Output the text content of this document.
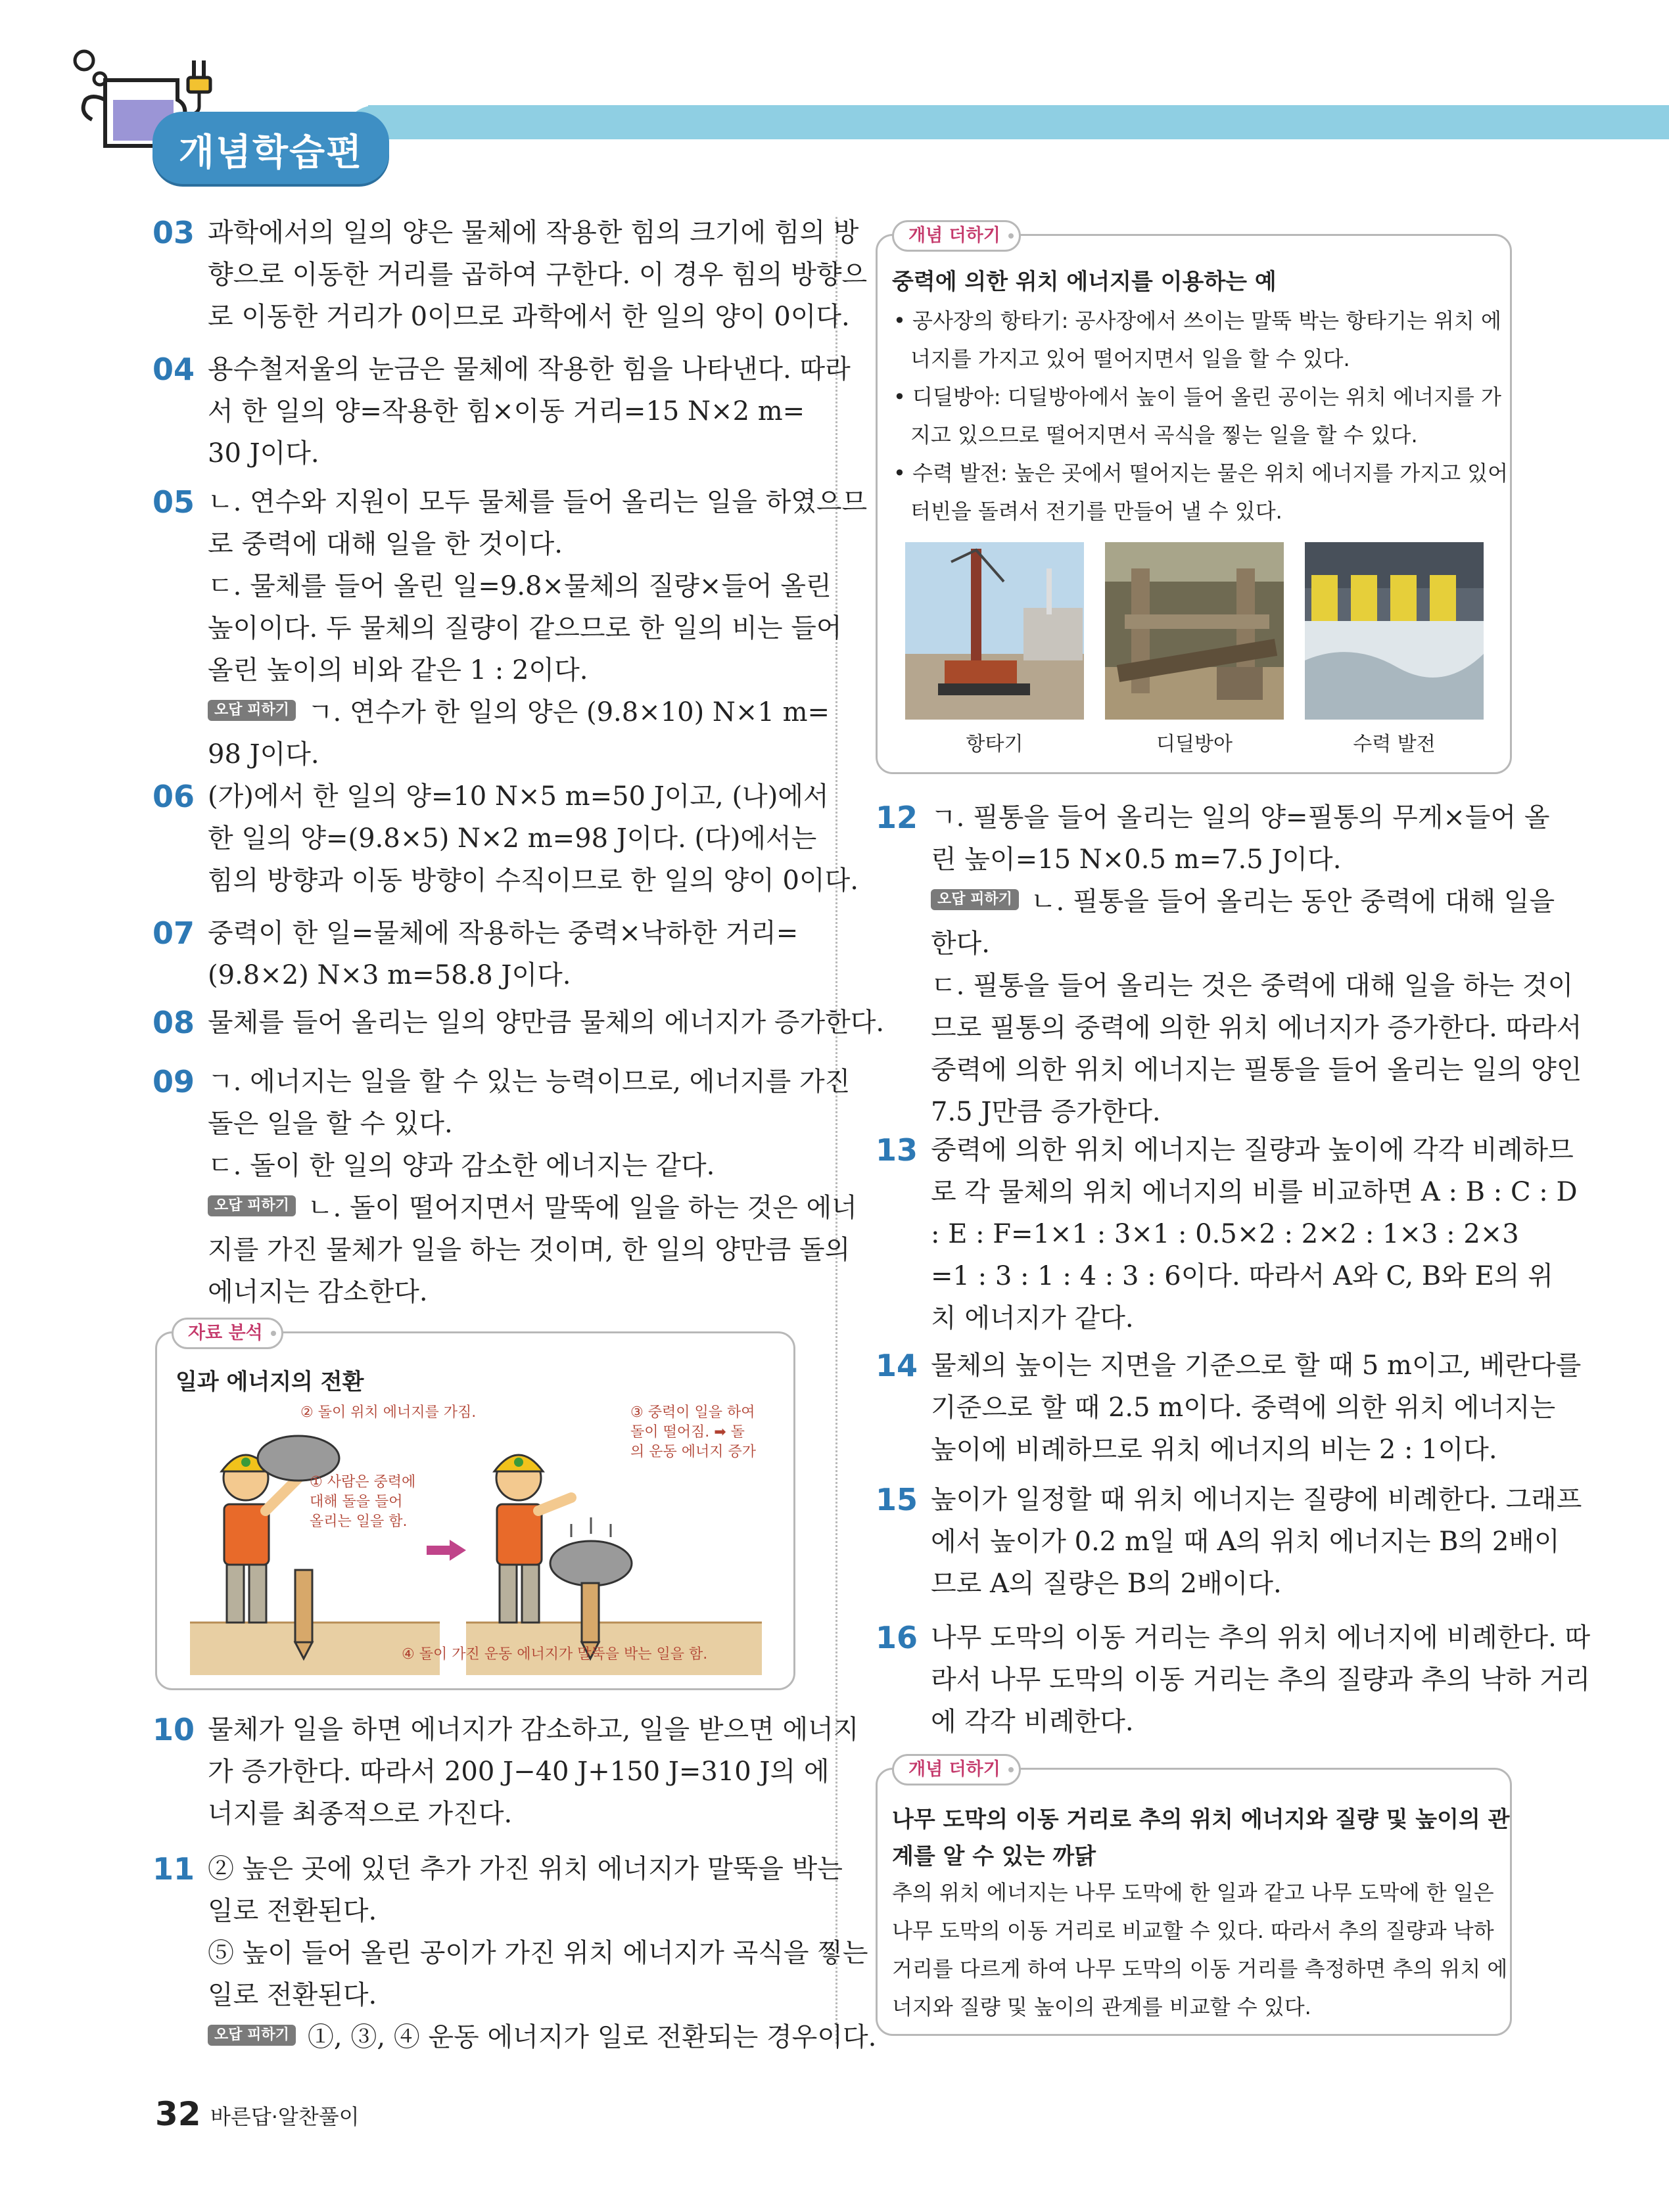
개념학습편
03 과학에서의 일의 양은 물체에 작용한 힘의 크기에 힘의 방
향으로 이동한 거리를 곱하여 구한다. 이 경우 힘의 방향으
로 이동한 거리가 0이므로 과학에서 한 일의 양이 0이다.
04 용수철저울의 눈금은 물체에 작용한 힘을 나타낸다. 따라
서 한 일의 양=작용한 힘×이동 거리=15 N×2 m=
30 J이다.
05 ㄴ. 연수와 지원이 모두 물체를 들어 올리는 일을 하였으므
로 중력에 대해 일을 한 것이다.
ㄷ. 물체를 들어 올린 일=9.8×물체의 질량×들어 올린
높이이다. 두 물체의 질량이 같으므로 한 일의 비는 들어
올린 높이의 비와 같은 1 : 2이다.
오답 피하기 ㄱ. 연수가 한 일의 양은 (9.8×10) N×1 m=
98 J이다.
06 (가)에서 한 일의 양=10 N×5 m=50 J이고, (나)에서
한 일의 양=(9.8×5) N×2 m=98 J이다. (다)에서는
힘의 방향과 이동 방향이 수직이므로 한 일의 양이 0이다.
07 중력이 한 일=물체에 작용하는 중력×낙하한 거리=
(9.8×2) N×3 m=58.8 J이다.
08 물체를 들어 올리는 일의 양만큼 물체의 에너지가 증가한다.
09 ㄱ. 에너지는 일을 할 수 있는 능력이므로, 에너지를 가진
돌은 일을 할 수 있다.
ㄷ. 돌이 한 일의 양과 감소한 에너지는 같다.
오답 피하기 ㄴ. 돌이 떨어지면서 말뚝에 일을 하는 것은 에너
지를 가진 물체가 일을 하는 것이며, 한 일의 양만큼 돌의
에너지는 감소한다.
자료 분석
일과 에너지의 전환
② 돌이 위치 에너지를 가짐.
① 사람은 중력에
대해 돌을 들어
올리는 일을 함.
③ 중력이 일을 하여
돌이 떨어짐. ➡ 돌
의 운동 에너지 증가
④ 돌이 가진 운동 에너지가 말뚝을 박는 일을 함.
10 물체가 일을 하면 에너지가 감소하고, 일을 받으면 에너지
가 증가한다. 따라서 200 J−40 J+150 J=310 J의 에
너지를 최종적으로 가진다.
11 ② 높은 곳에 있던 추가 가진 위치 에너지가 말뚝을 박는
일로 전환된다.
⑤ 높이 들어 올린 공이가 가진 위치 에너지가 곡식을 찧는
일로 전환된다.
오답 피하기 ①, ③, ④ 운동 에너지가 일로 전환되는 경우이다.
개념 더하기
중력에 의한 위치 에너지를 이용하는 예
• 공사장의 항타기: 공사장에서 쓰이는 말뚝 박는 항타기는 위치 에
너지를 가지고 있어 떨어지면서 일을 할 수 있다.
• 디딜방아: 디딜방아에서 높이 들어 올린 공이는 위치 에너지를 가
지고 있으므로 떨어지면서 곡식을 찧는 일을 할 수 있다.
• 수력 발전: 높은 곳에서 떨어지는 물은 위치 에너지를 가지고 있어
터빈을 돌려서 전기를 만들어 낼 수 있다.
항타기	디딜방아	수력 발전
12 ㄱ. 필통을 들어 올리는 일의 양=필통의 무게×들어 올
린 높이=15 N×0.5 m=7.5 J이다.
오답 피하기 ㄴ. 필통을 들어 올리는 동안 중력에 대해 일을
한다.
ㄷ. 필통을 들어 올리는 것은 중력에 대해 일을 하는 것이
므로 필통의 중력에 의한 위치 에너지가 증가한다. 따라서
중력에 의한 위치 에너지는 필통을 들어 올리는 일의 양인
7.5 J만큼 증가한다.
13 중력에 의한 위치 에너지는 질량과 높이에 각각 비례하므
로 각 물체의 위치 에너지의 비를 비교하면 A : B : C : D
: E : F=1×1 : 3×1 : 0.5×2 : 2×2 : 1×3 : 2×3
=1 : 3 : 1 : 4 : 3 : 6이다. 따라서 A와 C, B와 E의 위
치 에너지가 같다.
14 물체의 높이는 지면을 기준으로 할 때 5 m이고, 베란다를
기준으로 할 때 2.5 m이다. 중력에 의한 위치 에너지는
높이에 비례하므로 위치 에너지의 비는 2 : 1이다.
15 높이가 일정할 때 위치 에너지는 질량에 비례한다. 그래프
에서 높이가 0.2 m일 때 A의 위치 에너지는 B의 2배이
므로 A의 질량은 B의 2배이다.
16 나무 도막의 이동 거리는 추의 위치 에너지에 비례한다. 따
라서 나무 도막의 이동 거리는 추의 질량과 추의 낙하 거리
에 각각 비례한다.
개념 더하기
나무 도막의 이동 거리로 추의 위치 에너지와 질량 및 높이의 관
계를 알 수 있는 까닭
추의 위치 에너지는 나무 도막에 한 일과 같고 나무 도막에 한 일은
나무 도막의 이동 거리로 비교할 수 있다. 따라서 추의 질량과 낙하
거리를 다르게 하여 나무 도막의 이동 거리를 측정하면 추의 위치 에
너지와 질량 및 높이의 관계를 비교할 수 있다.
32 바른답·알찬풀이
